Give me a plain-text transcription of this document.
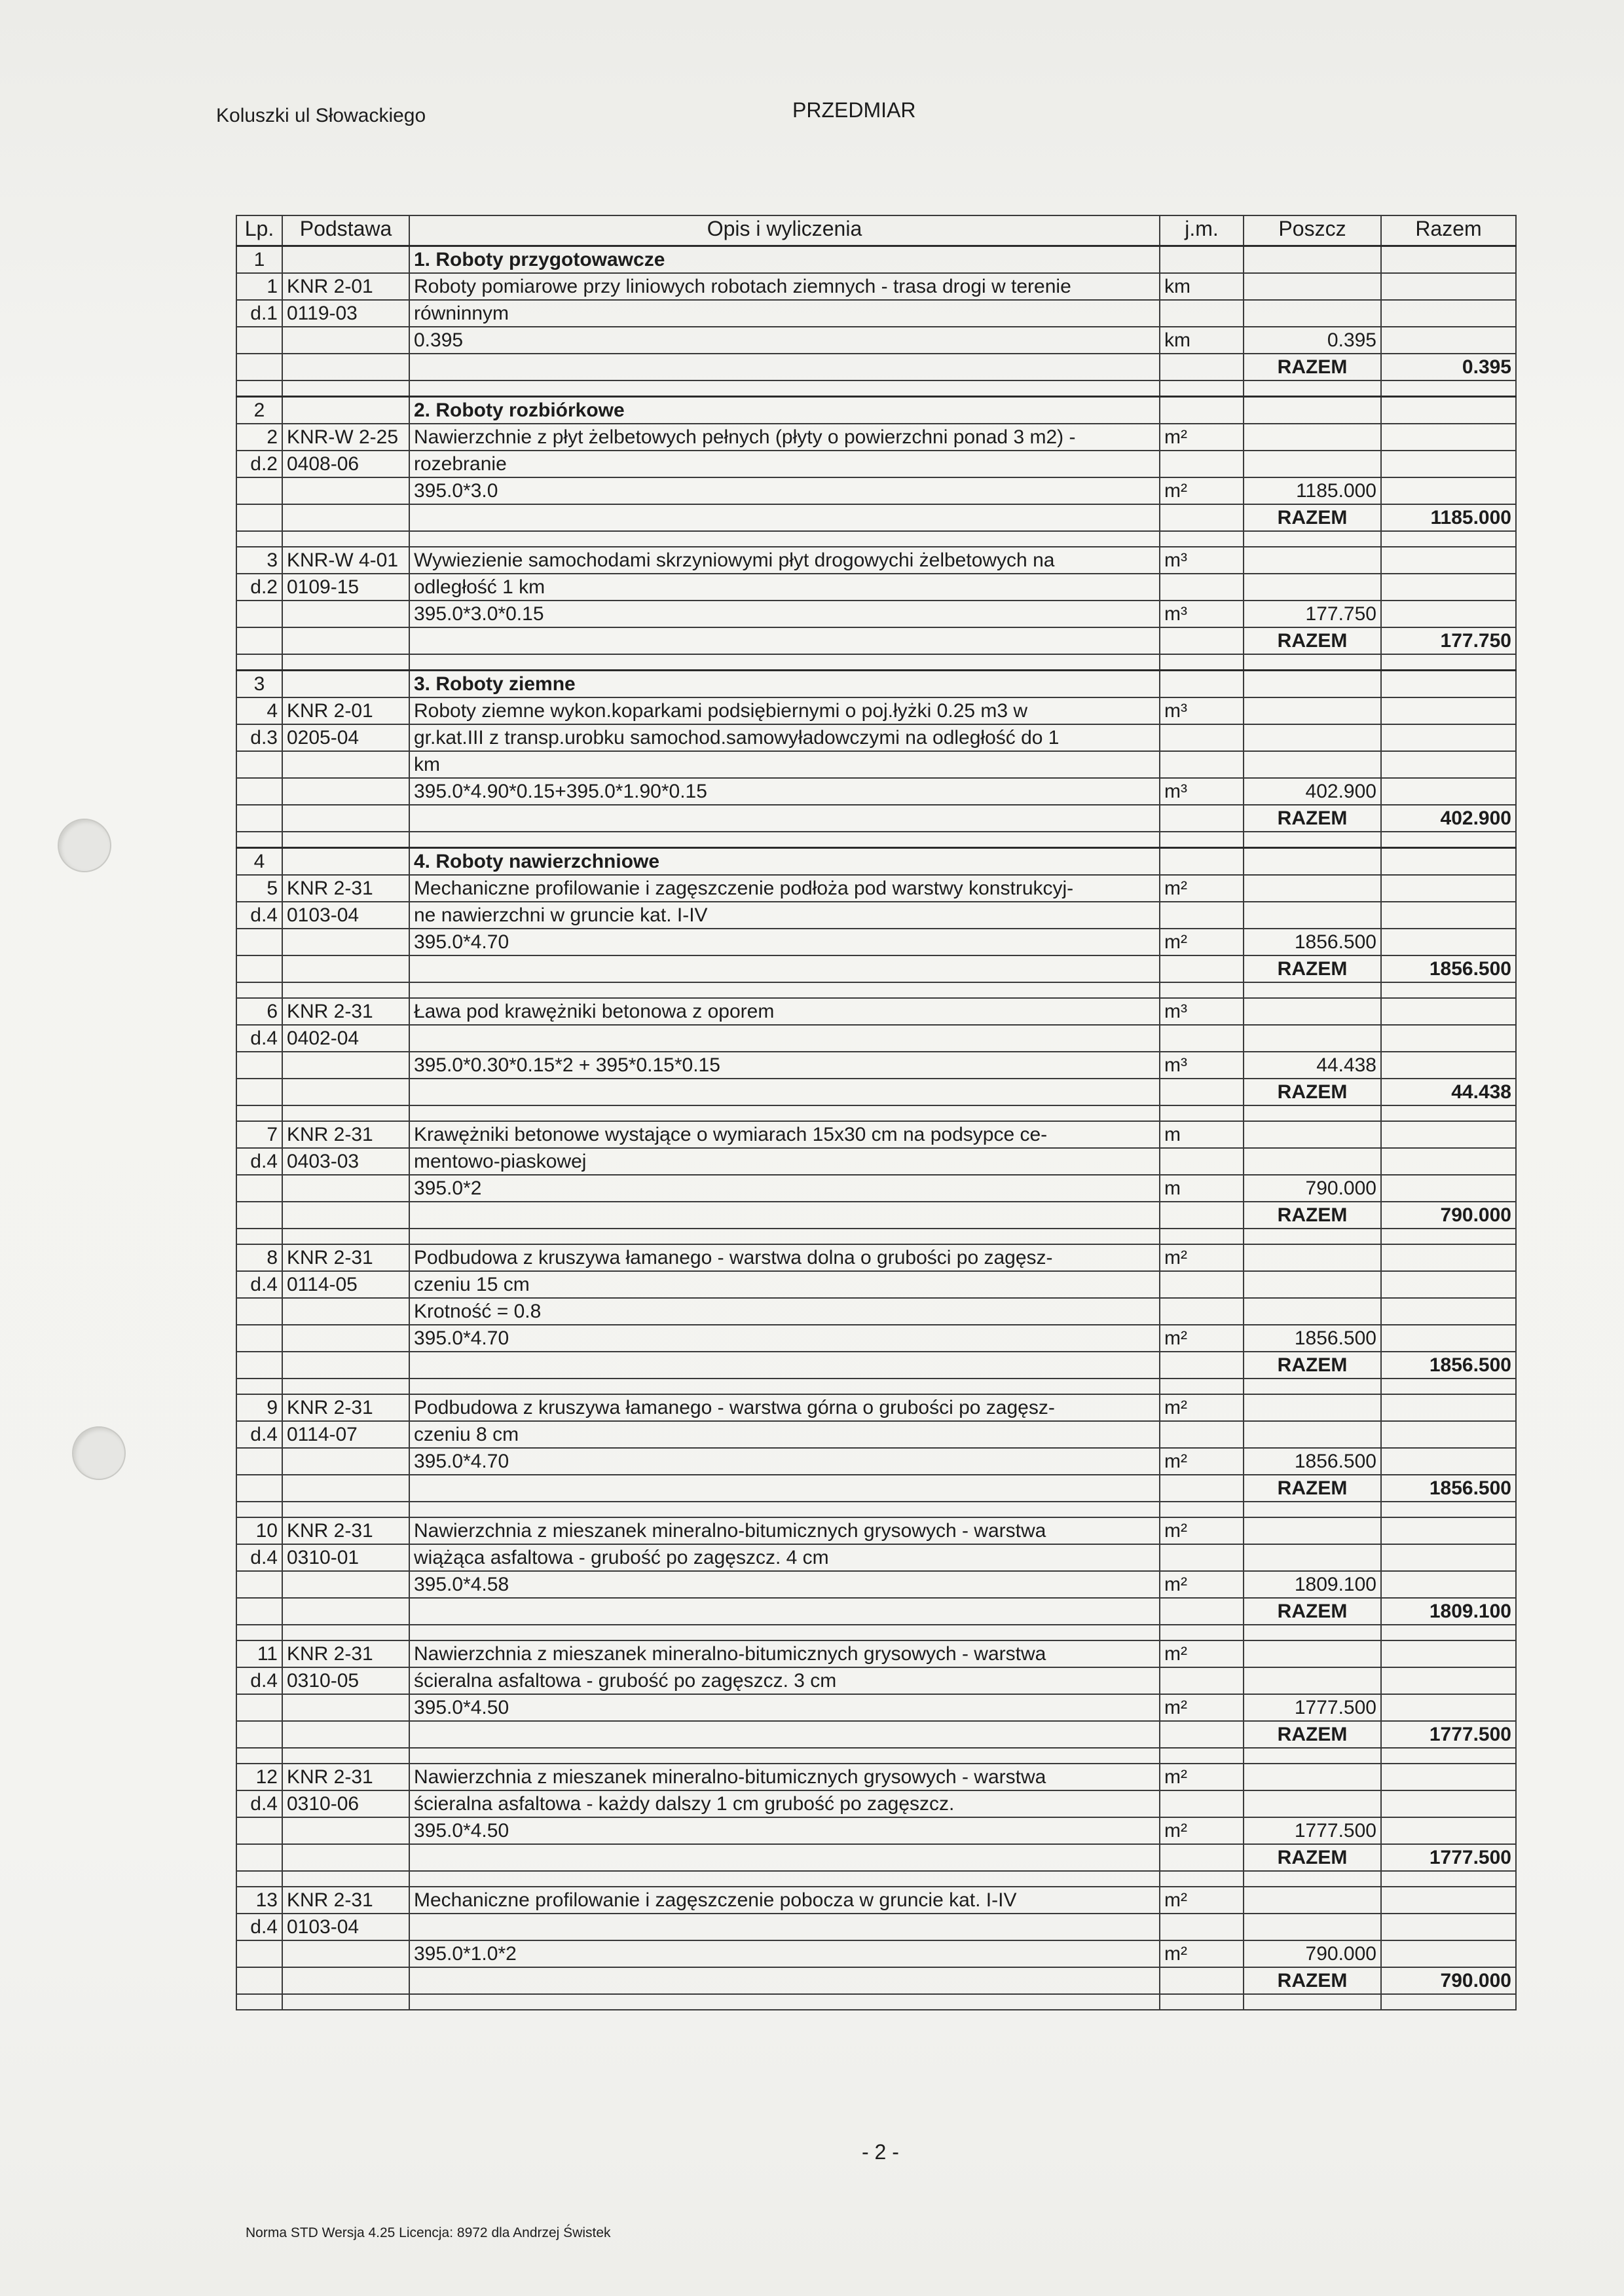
Koluszki ul Słowackiego	PRZEDMIAR
Lp.	Podstawa	Opis i wyliczenia	j.m.	Poszcz	Razem
1		1. Roboty przygotowawcze			
1	KNR 2-01	Roboty pomiarowe przy liniowych robotach ziemnych - trasa drogi w terenie	km		
d.1	0119-03	równinnym			
		0.395	km	0.395	
				RAZEM	0.395

2		2. Roboty rozbiórkowe			
2	KNR-W 2-25	Nawierzchnie z płyt żelbetowych pełnych (płyty o powierzchni ponad 3 m2) -	m²		
d.2	0408-06	rozebranie			
		395.0*3.0	m²	1185.000	
				RAZEM	1185.000

3	KNR-W 4-01	Wywiezienie samochodami skrzyniowymi płyt drogowychi żelbetowych na	m³		
d.2	0109-15	odległość 1 km			
		395.0*3.0*0.15	m³	177.750	
				RAZEM	177.750

3		3. Roboty ziemne			
4	KNR 2-01	Roboty ziemne wykon.koparkami podsiębiernymi o poj.łyżki 0.25 m3 w	m³		
d.3	0205-04	gr.kat.III z transp.urobku samochod.samowyładowczymi na odległość do 1			
		km			
		395.0*4.90*0.15+395.0*1.90*0.15	m³	402.900	
				RAZEM	402.900

4		4. Roboty nawierzchniowe			
5	KNR 2-31	Mechaniczne profilowanie i zagęszczenie podłoża pod warstwy konstrukcyj-	m²		
d.4	0103-04	ne nawierzchni w gruncie kat. I-IV			
		395.0*4.70	m²	1856.500	
				RAZEM	1856.500

6	KNR 2-31	Ława pod krawężniki betonowa z oporem	m³		
d.4	0402-04				
		395.0*0.30*0.15*2 + 395*0.15*0.15	m³	44.438	
				RAZEM	44.438

7	KNR 2-31	Krawężniki betonowe wystające o wymiarach 15x30 cm na podsypce ce-	m		
d.4	0403-03	mentowo-piaskowej			
		395.0*2	m	790.000	
				RAZEM	790.000

8	KNR 2-31	Podbudowa z kruszywa łamanego - warstwa dolna o grubości po zagęsz-	m²		
d.4	0114-05	czeniu 15 cm			
		Krotność = 0.8			
		395.0*4.70	m²	1856.500	
				RAZEM	1856.500

9	KNR 2-31	Podbudowa z kruszywa łamanego - warstwa górna o grubości po zagęsz-	m²		
d.4	0114-07	czeniu 8 cm			
		395.0*4.70	m²	1856.500	
				RAZEM	1856.500

10	KNR 2-31	Nawierzchnia z mieszanek mineralno-bitumicznych grysowych - warstwa	m²		
d.4	0310-01	wiążąca asfaltowa - grubość po zagęszcz. 4 cm			
		395.0*4.58	m²	1809.100	
				RAZEM	1809.100

11	KNR 2-31	Nawierzchnia z mieszanek mineralno-bitumicznych grysowych - warstwa	m²		
d.4	0310-05	ścieralna asfaltowa - grubość po zagęszcz. 3 cm			
		395.0*4.50	m²	1777.500	
				RAZEM	1777.500

12	KNR 2-31	Nawierzchnia z mieszanek mineralno-bitumicznych grysowych - warstwa	m²		
d.4	0310-06	ścieralna asfaltowa - każdy dalszy 1 cm grubość po zagęszcz.			
		395.0*4.50	m²	1777.500	
				RAZEM	1777.500

13	KNR 2-31	Mechaniczne profilowanie i zagęszczenie pobocza w gruncie kat. I-IV	m²		
d.4	0103-04				
		395.0*1.0*2	m²	790.000	
				RAZEM	790.000

- 2 -
Norma STD Wersja 4.25 Licencja: 8972 dla Andrzej Świstek
